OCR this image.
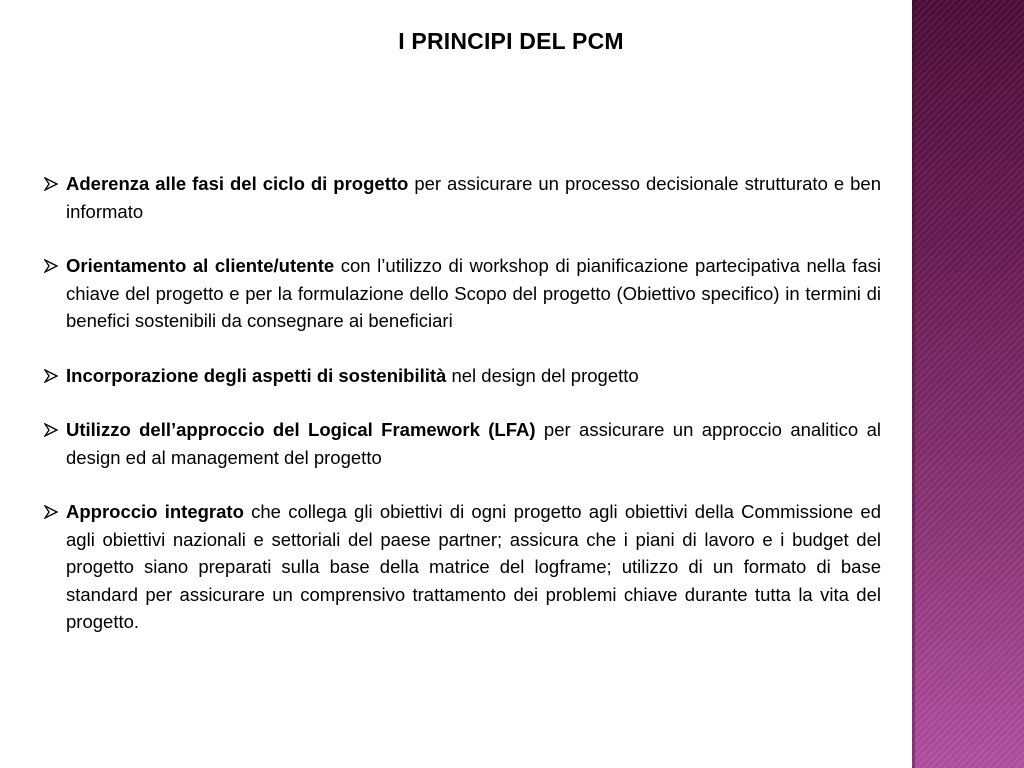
I PRINCIPI DEL PCM
Aderenza alle fasi del ciclo di progetto per assicurare un processo decisionale strutturato e ben informato
Orientamento al cliente/utente con l’utilizzo di workshop di pianificazione partecipativa nella fasi chiave del progetto e per la formulazione dello Scopo del progetto (Obiettivo specifico) in termini di benefici sostenibili da consegnare ai beneficiari
Incorporazione degli aspetti di sostenibilità nel design del progetto
Utilizzo dell’approccio del Logical Framework (LFA) per assicurare un approccio analitico al design ed al management del progetto
Approccio integrato che collega gli obiettivi di ogni progetto agli obiettivi della Commissione ed agli obiettivi nazionali e settoriali del paese partner; assicura che i piani di lavoro e i budget del progetto siano preparati sulla base della matrice del logframe; utilizzo di un formato di base standard per assicurare un comprensivo trattamento dei problemi chiave durante tutta la vita del progetto.
